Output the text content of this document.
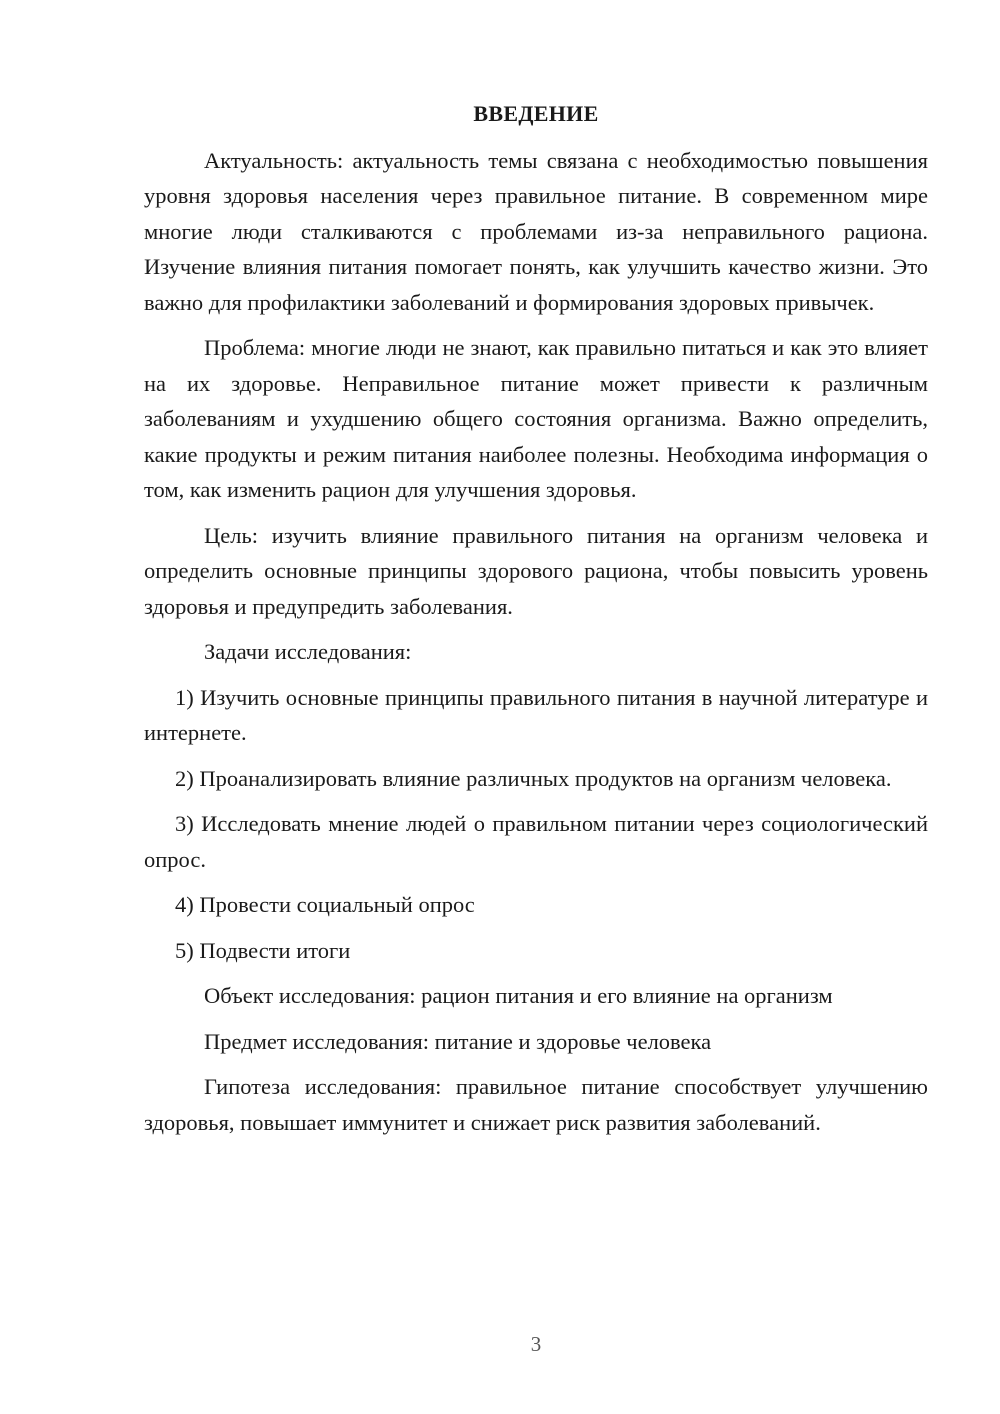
ВВЕДЕНИЕ

Актуальность: актуальность темы связана с необходимостью повышения уровня здоровья населения через правильное питание. В современном мире многие люди сталкиваются с проблемами из-за неправильного рациона. Изучение влияния питания помогает понять, как улучшить качество жизни. Это важно для профилактики заболеваний и формирования здоровых привычек.

Проблема: многие люди не знают, как правильно питаться и как это влияет на их здоровье. Неправильное питание может привести к различным заболеваниям и ухудшению общего состояния организма. Важно определить, какие продукты и режим питания наиболее полезны. Необходима информация о том, как изменить рацион для улучшения здоровья.

Цель: изучить влияние правильного питания на организм человека и определить основные принципы здорового рациона, чтобы повысить уровень здоровья и предупредить заболевания.

Задачи исследования:

1) Изучить основные принципы правильного питания в научной литературе и интернете.

2) Проанализировать влияние различных продуктов на организм человека.

3) Исследовать мнение людей о правильном питании через социологический опрос.

4) Провести социальный опрос

5) Подвести итоги

Объект исследования: рацион питания и его влияние на организм

Предмет исследования: питание и здоровье человека

Гипотеза исследования: правильное питание способствует улучшению здоровья, повышает иммунитет и снижает риск развития заболеваний.

3
